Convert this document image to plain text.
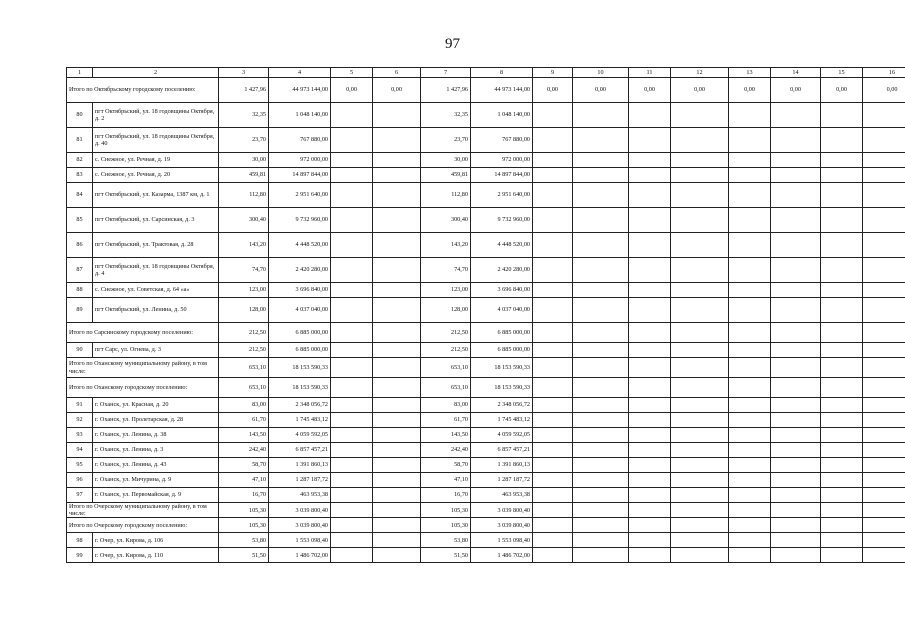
97
1	2	3	4	5	6	7	8	9	10	11	12	13	14	15	16
Итого по Октябрьскому городскому поселению:		1 427,96	44 973 144,00	0,00	0,00	1 427,96	44 973 144,00	0,00	0,00	0,00	0,00	0,00	0,00	0,00	0,00
80	пгт Октябрьский, ул. 18 годовщины Октября, д. 2	32,35	1 048 140,00			32,35	1 048 140,00								
81	пгт Октябрьский, ул. 18 годовщины Октября, д. 40	23,70	767 880,00			23,70	767 880,00								
82	с. Снежное, ул. Речная, д. 19	30,00	972 000,00			30,00	972 000,00								
83	с. Снежное, ул. Речная, д. 20	459,81	14 897 844,00			459,81	14 897 844,00								
84	пгт Октябрьский, ул. Казарма, 1387 км, д. 1	112,80	2 951 640,00			112,80	2 951 640,00								
85	пгт Октябрьский, ул. Сарсинская, д. 3	300,40	9 732 960,00			300,40	9 732 960,00								
86	пгт Октябрьский, ул. Трактовая, д. 28	143,20	4 448 520,00			143,20	4 448 520,00								
87	пгт Октябрьский, ул. 18 годовщины Октября, д. 4	74,70	2 420 280,00			74,70	2 420 280,00								
88	с. Снежное, ул. Советская, д. 64 «а»	123,00	3 696 840,00			123,00	3 696 840,00								
89	пгт Октябрьский, ул. Ленина, д. 50	128,00	4 037 040,00			128,00	4 037 040,00								
Итого по Сарсинскому городскому поселению:		212,50	6 885 000,00			212,50	6 885 000,00								
90	пгт Сарс, ул. Огнева, д. 3	212,50	6 885 000,00			212,50	6 885 000,00								
Итого по Оханскому муниципальному району, в том числе:		653,10	18 153 590,33			653,10	18 153 590,33								
Итого по Оханскому городскому поселению:		653,10	18 153 590,33			653,10	18 153 590,33								
91	г. Оханск, ул. Красная, д. 20	83,00	2 348 056,72			83,00	2 348 056,72								
92	г. Оханск, ул. Пролетарская, д. 28	61,70	1 745 483,12			61,70	1 745 483,12								
93	г. Оханск, ул. Ленина, д. 38	143,50	4 059 592,05			143,50	4 059 592,05								
94	г. Оханск, ул. Ленина, д. 3	242,40	6 857 457,21			242,40	6 857 457,21								
95	г. Оханск, ул. Ленина, д. 43	58,70	1 391 860,13			58,70	1 391 860,13								
96	г. Оханск, ул. Мичурина, д. 9	47,10	1 287 187,72			47,10	1 287 187,72								
97	г. Оханск, ул. Первомайская, д. 9	16,70	463 953,38			16,70	463 953,38								
Итого по Очерскому муниципальному району, в том числе:		105,30	3 039 800,40			105,30	3 039 800,40								
Итого по Очерскому городскому поселению:		105,30	3 039 800,40			105,30	3 039 800,40								
98	г. Очер, ул. Кирова, д. 106	53,80	1 553 098,40			53,80	1 553 098,40								
99	г. Очер, ул. Кирова, д. 110	51,50	1 486 702,00			51,50	1 486 702,00								
